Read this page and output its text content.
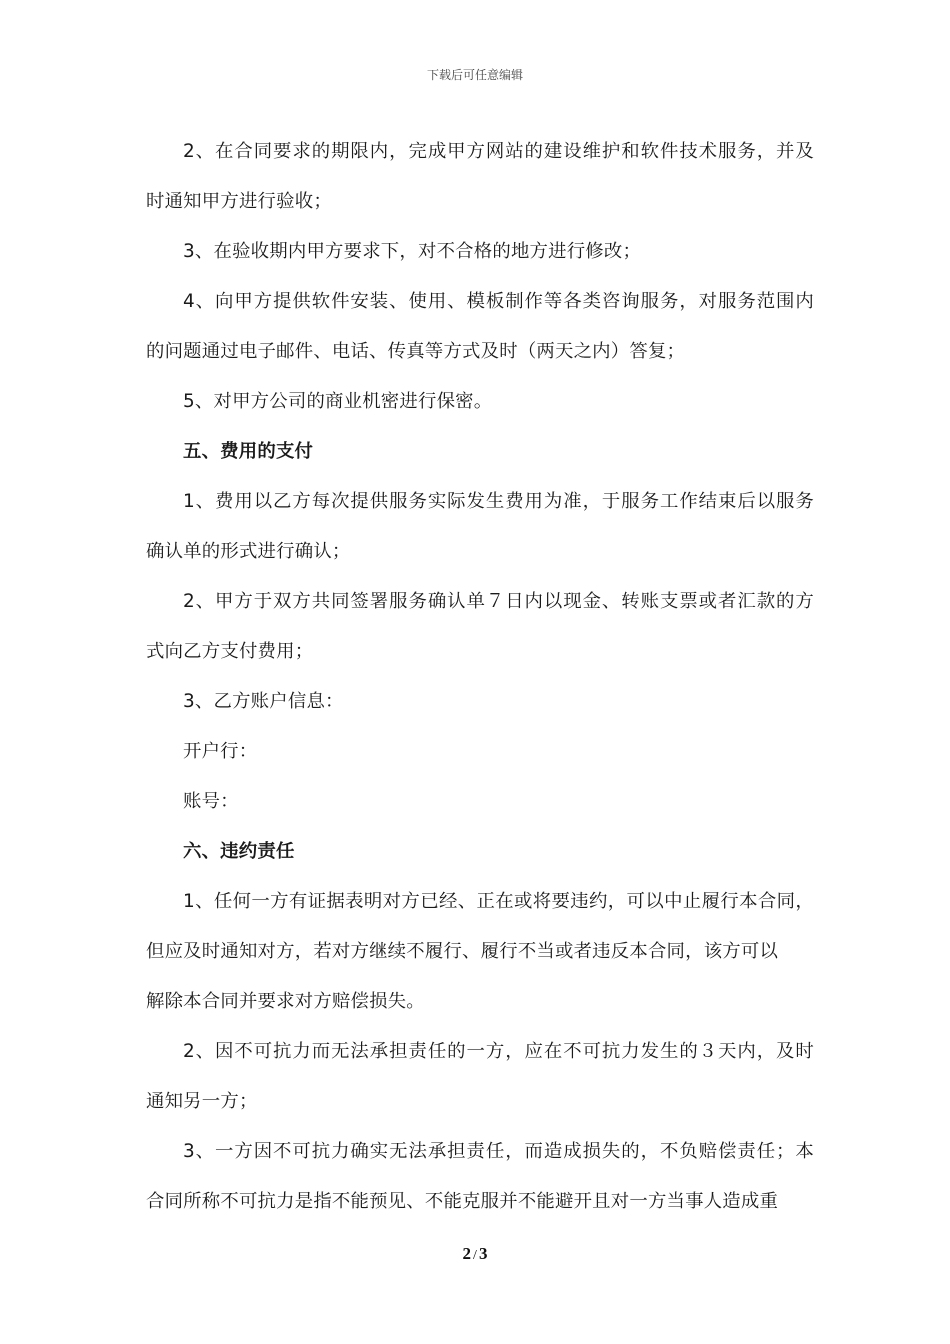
下载后可任意编辑
2、在合同要求的期限内，完成甲方网站的建设维护和软件技术服务，并及
时通知甲方进行验收；
3、在验收期内甲方要求下，对不合格的地方进行修改；
4、向甲方提供软件安装、使用、模板制作等各类咨询服务，对服务范围内
的问题通过电子邮件、电话、传真等方式及时（两天之内）答复；
5、对甲方公司的商业机密进行保密。
五、费用的支付
1、费用以乙方每次提供服务实际发生费用为准，于服务工作结束后以服务
确认单的形式进行确认；
2、甲方于双方共同签署服务确认单７日内以现金、转账支票或者汇款的方
式向乙方支付费用；
3、乙方账户信息：
开户行：
账号：
六、违约责任
1、任何一方有证据表明对方已经、正在或将要违约，可以中止履行本合同，
但应及时通知对方，若对方继续不履行、履行不当或者违反本合同，该方可以
解除本合同并要求对方赔偿损失。
2、因不可抗力而无法承担责任的一方，应在不可抗力发生的３天内，及时
通知另一方；
3、一方因不可抗力确实无法承担责任，而造成损失的，不负赔偿责任；本
合同所称不可抗力是指不能预见、不能克服并不能避开且对一方当事人造成重
2 / 3
